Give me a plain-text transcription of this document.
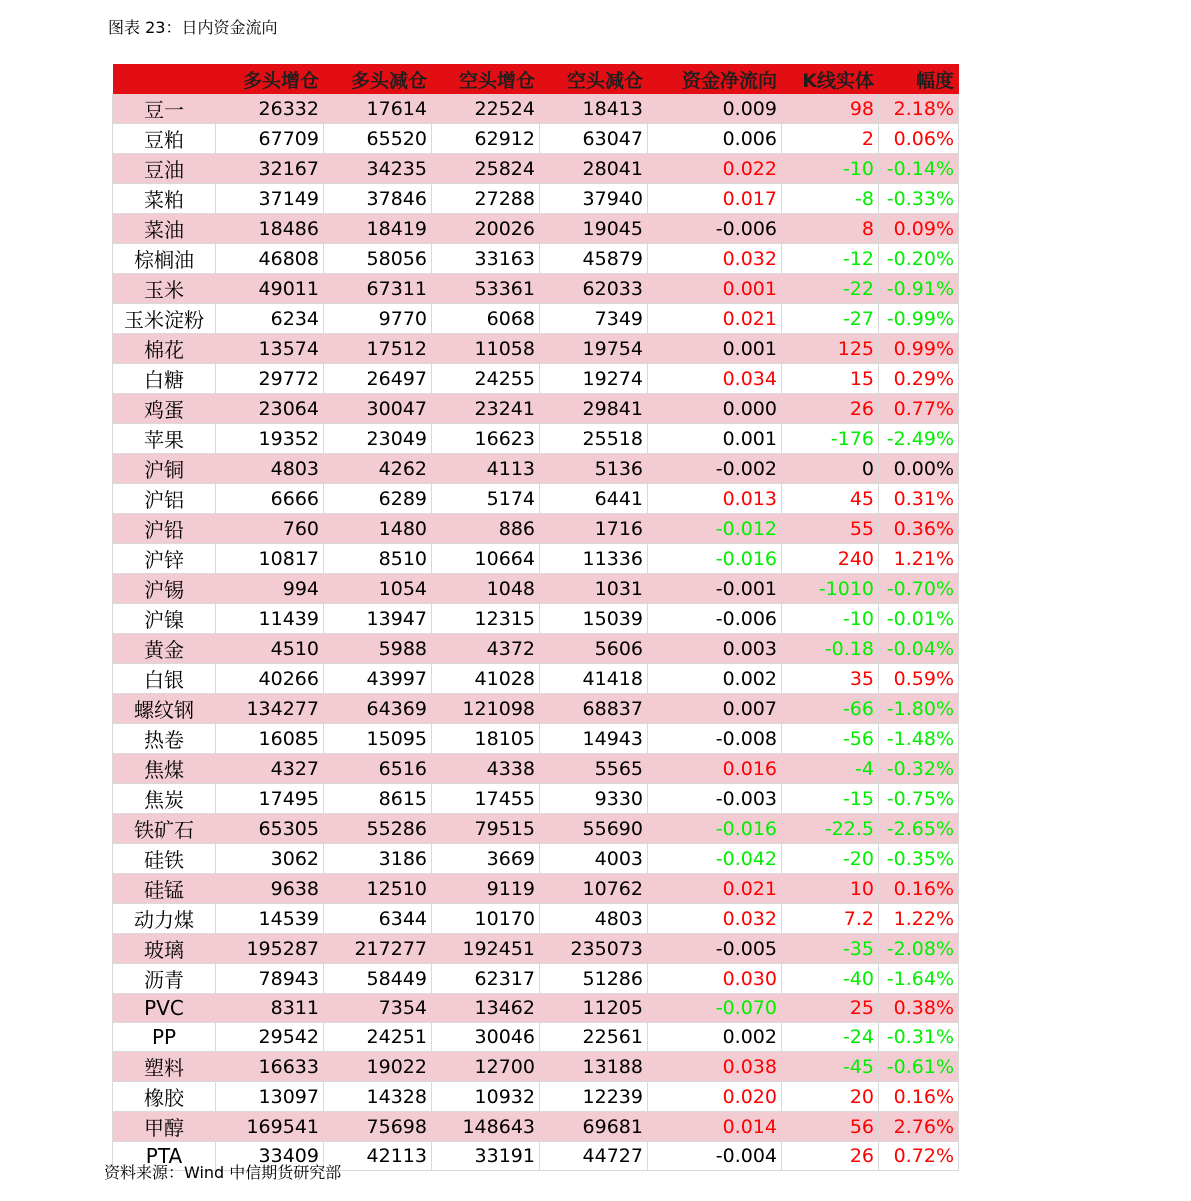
图表 23：日内资金流向
	多头增仓	多头减仓	空头增仓	空头减仓	资金净流向	K线实体	幅度
豆一	26332	17614	22524	18413	0.009	98	2.18%
豆粕	67709	65520	62912	63047	0.006	2	0.06%
豆油	32167	34235	25824	28041	0.022	-10	-0.14%
菜粕	37149	37846	27288	37940	0.017	-8	-0.33%
菜油	18486	18419	20026	19045	-0.006	8	0.09%
棕榈油	46808	58056	33163	45879	0.032	-12	-0.20%
玉米	49011	67311	53361	62033	0.001	-22	-0.91%
玉米淀粉	6234	9770	6068	7349	0.021	-27	-0.99%
棉花	13574	17512	11058	19754	0.001	125	0.99%
白糖	29772	26497	24255	19274	0.034	15	0.29%
鸡蛋	23064	30047	23241	29841	0.000	26	0.77%
苹果	19352	23049	16623	25518	0.001	-176	-2.49%
沪铜	4803	4262	4113	5136	-0.002	0	0.00%
沪铝	6666	6289	5174	6441	0.013	45	0.31%
沪铅	760	1480	886	1716	-0.012	55	0.36%
沪锌	10817	8510	10664	11336	-0.016	240	1.21%
沪锡	994	1054	1048	1031	-0.001	-1010	-0.70%
沪镍	11439	13947	12315	15039	-0.006	-10	-0.01%
黄金	4510	5988	4372	5606	0.003	-0.18	-0.04%
白银	40266	43997	41028	41418	0.002	35	0.59%
螺纹钢	134277	64369	121098	68837	0.007	-66	-1.80%
热卷	16085	15095	18105	14943	-0.008	-56	-1.48%
焦煤	4327	6516	4338	5565	0.016	-4	-0.32%
焦炭	17495	8615	17455	9330	-0.003	-15	-0.75%
铁矿石	65305	55286	79515	55690	-0.016	-22.5	-2.65%
硅铁	3062	3186	3669	4003	-0.042	-20	-0.35%
硅锰	9638	12510	9119	10762	0.021	10	0.16%
动力煤	14539	6344	10170	4803	0.032	7.2	1.22%
玻璃	195287	217277	192451	235073	-0.005	-35	-2.08%
沥青	78943	58449	62317	51286	0.030	-40	-1.64%
PVC	8311	7354	13462	11205	-0.070	25	0.38%
PP	29542	24251	30046	22561	0.002	-24	-0.31%
塑料	16633	19022	12700	13188	0.038	-45	-0.61%
橡胶	13097	14328	10932	12239	0.020	20	0.16%
甲醇	169541	75698	148643	69681	0.014	56	2.76%
PTA	33409	42113	33191	44727	-0.004	26	0.72%
资料来源：Wind 中信期货研究部
